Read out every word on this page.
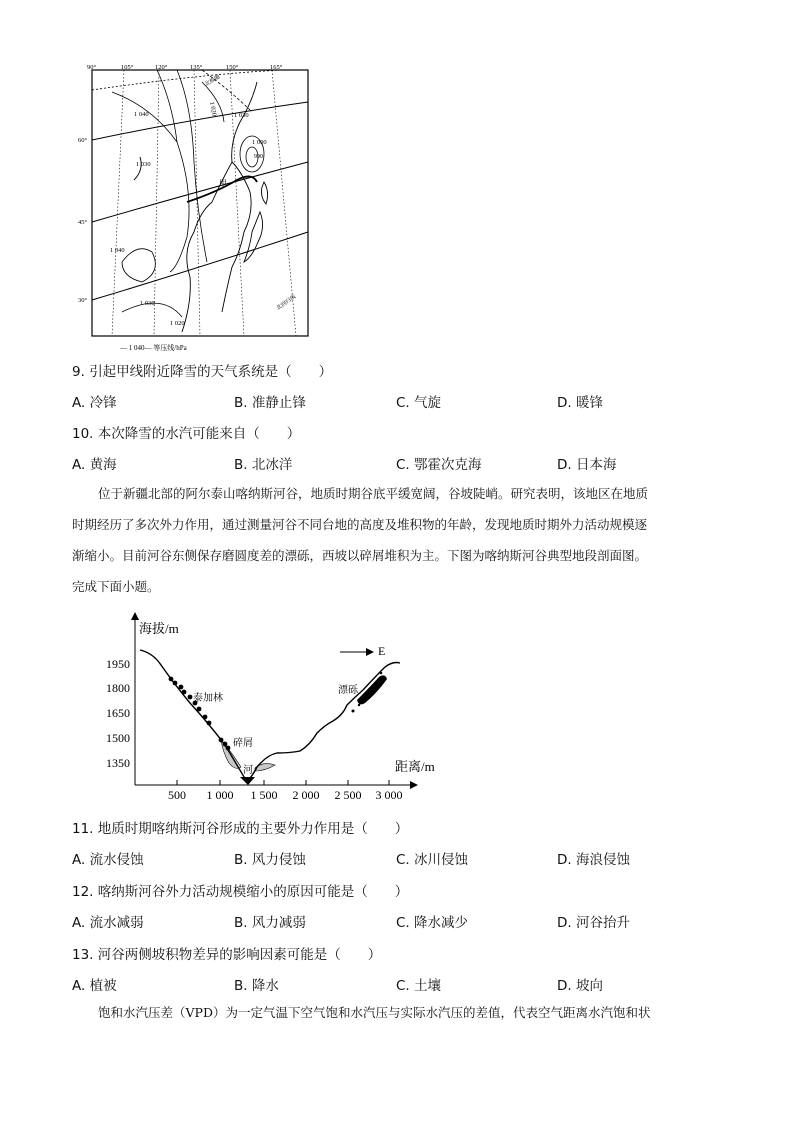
90°	105°	120°	135°	150°	165°
60°
45°
30°
1 040
1 030
1 040
1 030
1 020
1 020	1 030
1 000
990
甲
北极圈
北回归线
— 1 040— 等压线/hPa
9. 引起甲线附近降雪的天气系统是（　　）
A. 冷锋	B. 准静止锋	C. 气旋	D. 暖锋
10. 本次降雪的水汽可能来自（　　）
A. 黄海	B. 北冰洋	C. 鄂霍次克海	D. 日本海

位于新疆北部的阿尔泰山喀纳斯河谷，地质时期谷底平缓宽阔，谷坡陡峭。研究表明，该地区在地质

时期经历了多次外力作用，通过测量河谷不同台地的高度及堆积物的年龄，发现地质时期外力活动规模逐
渐缩小。目前河谷东侧保存磨圆度差的漂砾，西坡以碎屑堆积为主。下图为喀纳斯河谷典型地段剖面图。
完成下面小题。
海拔/m
距离/m
E
1950
1800
1650
1500
1350
500 1 000 1 500 2 000 2 500 3 000
泰加林
碎屑
河
漂砾
11. 地质时期喀纳斯河谷形成的主要外力作用是（　　）
A. 流水侵蚀	B. 风力侵蚀	C. 冰川侵蚀	D. 海浪侵蚀
12. 喀纳斯河谷外力活动规模缩小的原因可能是（　　）
A. 流水减弱	B. 风力减弱	C. 降水减少	D. 河谷抬升
13. 河谷两侧坡积物差异的影响因素可能是（　　）
A. 植被	B. 降水	C. 土壤	D. 坡向

饱和水汽压差（VPD）为一定气温下空气饱和水汽压与实际水汽压的差值，代表空气距离水汽饱和状
